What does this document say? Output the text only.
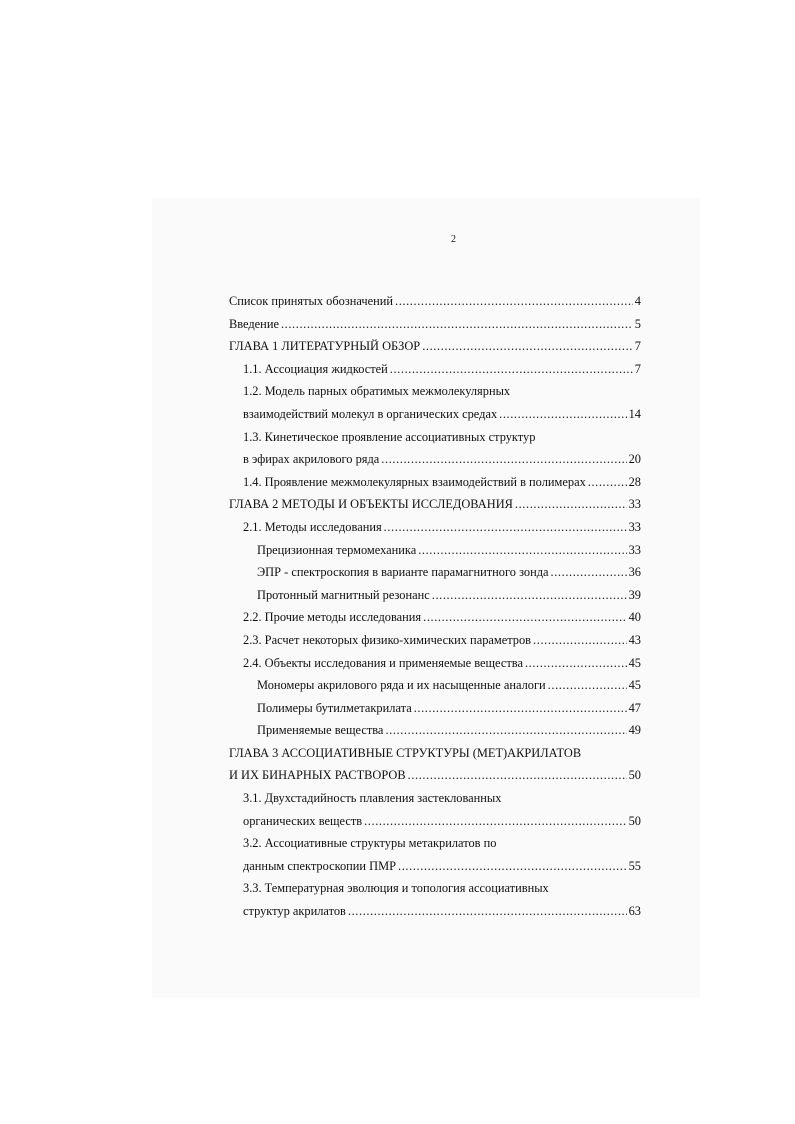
2
Список принятых обозначений .....	4
Введение .....	5
ГЛАВА 1 ЛИТЕРАТУРНЫЙ ОБЗОР .....	7
1.1. Ассоциация жидкостей .....	7
1.2. Модель парных обратимых межмолекулярных
взаимодействий молекул в органических средах .....	14
1.3. Кинетическое проявление ассоциативных структур
в эфирах акрилового ряда .....	20
1.4. Проявление межмолекулярных взаимодействий в полимерах .....	28
ГЛАВА 2 МЕТОДЫ И ОБЪЕКТЫ ИССЛЕДОВАНИЯ .....	33
2.1. Методы исследования .....	33
Прецизионная термомеханика .....	33
ЭПР - спектроскопия в варианте парамагнитного зонда .....	36
Протонный магнитный резонанс .....	39
2.2. Прочие методы исследования .....	40
2.3. Расчет некоторых физико-химических параметров .....	43
2.4. Объекты исследования и применяемые вещества .....	45
Мономеры акрилового ряда и их насыщенные аналоги .....	45
Полимеры бутилметакрилата .....	47
Применяемые вещества .....	49
ГЛАВА 3 АССОЦИАТИВНЫЕ СТРУКТУРЫ (МЕТ)АКРИЛАТОВ
И ИХ БИНАРНЫХ РАСТВОРОВ .....	50
3.1. Двухстадийность плавления застеклованных
органических веществ .....	50
3.2. Ассоциативные структуры метакрилатов по
данным спектроскопии ПМР .....	55
3.3. Температурная эволюция и топология ассоциативных
структур акрилатов .....	63
